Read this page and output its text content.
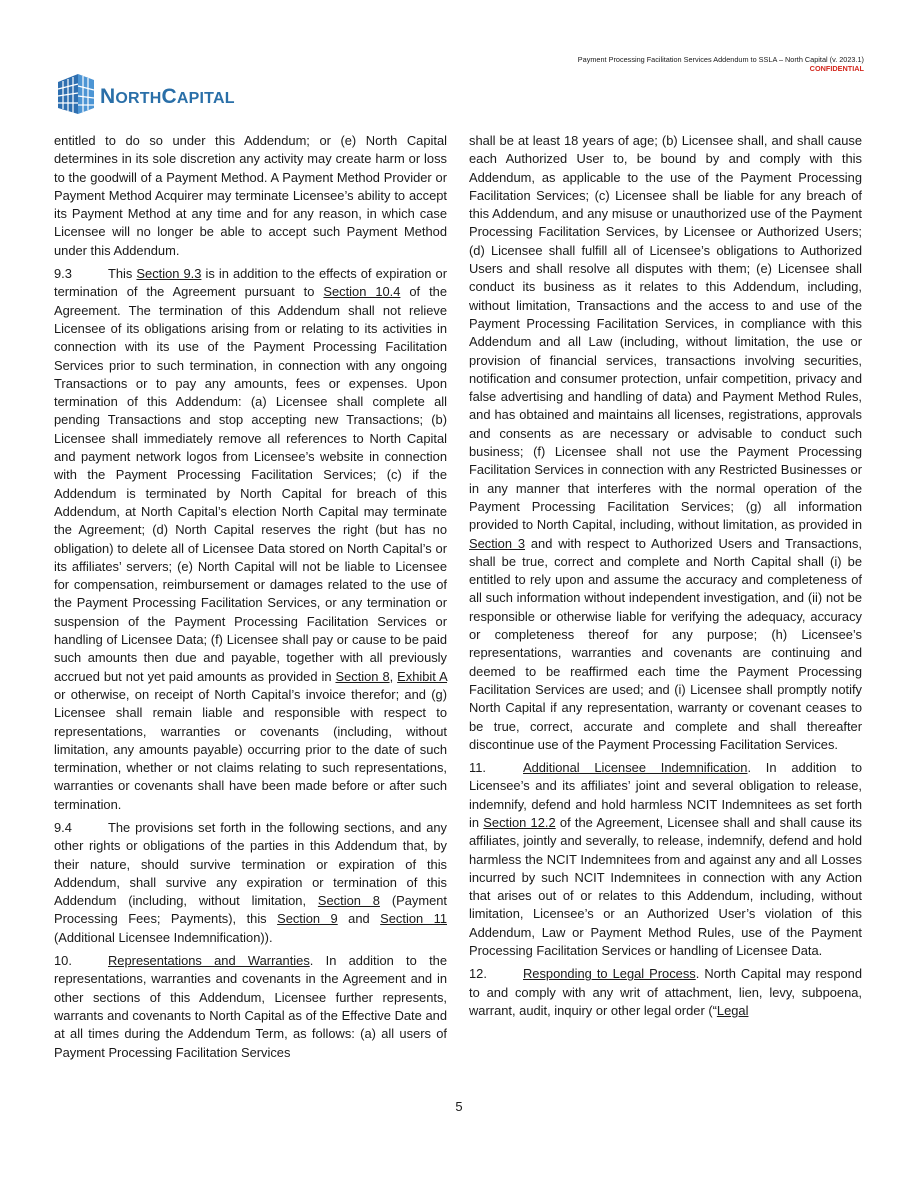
Payment Processing Facilitation Services Addendum to SSLA – North Capital (v. 2023.1)
CONFIDENTIAL
NORTHCAPITAL

entitled to do so under this Addendum; or (e) North Capital determines in its sole discretion any activity may create harm or loss to the goodwill of a Payment Method. A Payment Method Provider or Payment Method Acquirer may terminate Licensee’s ability to accept its Payment Method at any time and for any reason, in which case Licensee will no longer be able to accept such Payment Method under this Addendum.

9.3	This Section 9.3 is in addition to the effects of expiration or termination of the Agreement pursuant to Section 10.4 of the Agreement. The termination of this Addendum shall not relieve Licensee of its obligations arising from or relating to its activities in connection with its use of the Payment Processing Facilitation Services prior to such termination, in connection with any ongoing Transactions or to pay any amounts, fees or expenses. Upon termination of this Addendum: (a) Licensee shall complete all pending Transactions and stop accepting new Transactions; (b) Licensee shall immediately remove all references to North Capital and payment network logos from Licensee’s website in connection with the Payment Processing Facilitation Services; (c) if the Addendum is terminated by North Capital for breach of this Addendum, at North Capital’s election North Capital may terminate the Agreement; (d) North Capital reserves the right (but has no obligation) to delete all of Licensee Data stored on North Capital’s or its affiliates’ servers; (e) North Capital will not be liable to Licensee for compensation, reimbursement or damages related to the use of the Payment Processing Facilitation Services, or any termination or suspension of the Payment Processing Facilitation Services or handling of Licensee Data; (f) Licensee shall pay or cause to be paid such amounts then due and payable, together with all previously accrued but not yet paid amounts as provided in Section 8, Exhibit A or otherwise, on receipt of North Capital’s invoice therefor; and (g) Licensee shall remain liable and responsible with respect to representations, warranties or covenants (including, without limitation, any amounts payable) occurring prior to the date of such termination, whether or not claims relating to such representations, warranties or covenants shall have been made before or after such termination.

9.4	The provisions set forth in the following sections, and any other rights or obligations of the parties in this Addendum that, by their nature, should survive termination or expiration of this Addendum, shall survive any expiration or termination of this Addendum (including, without limitation, Section 8 (Payment Processing Fees; Payments), this Section 9 and Section 11 (Additional Licensee Indemnification)).

10.	Representations and Warranties. In addition to the representations, warranties and covenants in the Agreement and in other sections of this Addendum, Licensee further represents, warrants and covenants to North Capital as of the Effective Date and at all times during the Addendum Term, as follows: (a) all users of Payment Processing Facilitation Services

shall be at least 18 years of age; (b) Licensee shall, and shall cause each Authorized User to, be bound by and comply with this Addendum, as applicable to the use of the Payment Processing Facilitation Services; (c) Licensee shall be liable for any breach of this Addendum, and any misuse or unauthorized use of the Payment Processing Facilitation Services, by Licensee or Authorized Users; (d) Licensee shall fulfill all of Licensee’s obligations to Authorized Users and shall resolve all disputes with them; (e) Licensee shall conduct its business as it relates to this Addendum, including, without limitation, Transactions and the access to and use of the Payment Processing Facilitation Services, in compliance with this Addendum and all Law (including, without limitation, the use or provision of financial services, transactions involving securities, notification and consumer protection, unfair competition, privacy and false advertising and handling of data) and Payment Method Rules, and has obtained and maintains all licenses, registrations, approvals and consents as are necessary or advisable to conduct such business; (f) Licensee shall not use the Payment Processing Facilitation Services in connection with any Restricted Businesses or in any manner that interferes with the normal operation of the Payment Processing Facilitation Services; (g) all information provided to North Capital, including, without limitation, as provided in Section 3 and with respect to Authorized Users and Transactions, shall be true, correct and complete and North Capital shall (i) be entitled to rely upon and assume the accuracy and completeness of all such information without independent investigation, and (ii) not be responsible or otherwise liable for verifying the adequacy, accuracy or completeness thereof for any purpose; (h) Licensee’s representations, warranties and covenants are continuing and deemed to be reaffirmed each time the Payment Processing Facilitation Services are used; and (i) Licensee shall promptly notify North Capital if any representation, warranty or covenant ceases to be true, correct, accurate and complete and shall thereafter discontinue use of the Payment Processing Facilitation Services.

11.	Additional Licensee Indemnification. In addition to Licensee’s and its affiliates’ joint and several obligation to release, indemnify, defend and hold harmless NCIT Indemnitees as set forth in Section 12.2 of the Agreement, Licensee shall and shall cause its affiliates, jointly and severally, to release, indemnify, defend and hold harmless the NCIT Indemnitees from and against any and all Losses incurred by such NCIT Indemnitees in connection with any Action that arises out of or relates to this Addendum, including, without limitation, Licensee’s or an Authorized User’s violation of this Addendum, Law or Payment Method Rules, use of the Payment Processing Facilitation Services or handling of Licensee Data.

12.	Responding to Legal Process. North Capital may respond to and comply with any writ of attachment, lien, levy, subpoena, warrant, audit, inquiry or other legal order (“Legal

5
